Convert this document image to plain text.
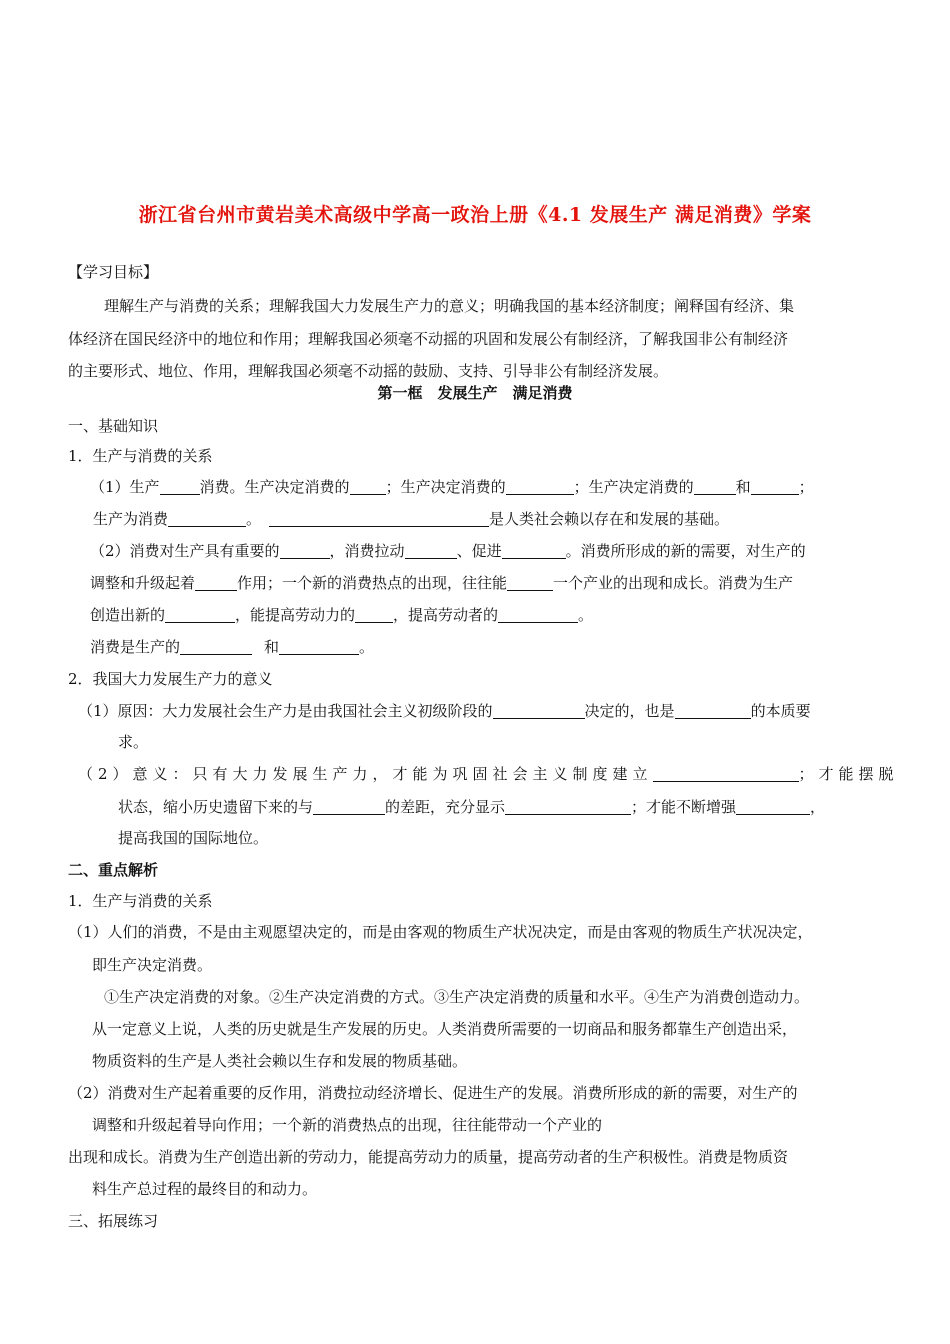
浙江省台州市黄岩美术高级中学高一政治上册《4.1 发展生产 满足消费》学案
【学习目标】
理解生产与消费的关系；理解我国大力发展生产力的意义；明确我国的基本经济制度；阐释国有经济、集
体经济在国民经济中的地位和作用；理解我国必须毫不动摇的巩固和发展公有制经济，了解我国非公有制经济
的主要形式、地位、作用，理解我国必须毫不动摇的鼓励、支持、引导非公有制经济发展。
第一框　发展生产　满足消费
一、基础知识
1．生产与消费的关系
（1）生产	消费。生产决定消费的 ；生产决定消费的	；生产决定消费的	和	；
生产为消费	。	是人类社会赖以存在和发展的基础。
（2）消费对生产具有重要的	，消费拉动	、促进	。消费所形成的新的需要，对生产的
调整和升级起着	作用；一个新的消费热点的出现，往往能	一个产业的出现和成长。消费为生产
创造出新的	，能提高劳动力的	，提高劳动者的	。
消费是生产的	和	。
2．我国大力发展生产力的意义
（1）原因：大力发展社会生产力是由我国社会主义初级阶段的	决定的，也是	的本质要
求。
（2）意义：只有大力发展生产力，才能为巩固社会主义制度建立	；才能摆脱
状态，缩小历史遗留下来的与	的差距，充分显示	；才能不断增强	，
提高我国的国际地位。
二、重点解析
1．生产与消费的关系
（1）人们的消费，不是由主观愿望决定的，而是由客观的物质生产状况决定，而是由客观的物质生产状况决定，
即生产决定消费。
①生产决定消费的对象。②生产决定消费的方式。③生产决定消费的质量和水平。④生产为消费创造动力。
从一定意义上说，人类的历史就是生产发展的历史。人类消费所需要的一切商品和服务都靠生产创造出采，
物质资料的生产是人类社会赖以生存和发展的物质基础。
（2）消费对生产起着重要的反作用，消费拉动经济增长、促进生产的发展。消费所形成的新的需要，对生产的
调整和升级起着导向作用；一个新的消费热点的出现，往往能带动一个产业的
出现和成长。消费为生产创造出新的劳动力，能提高劳动力的质量，提高劳动者的生产积极性。消费是物质资
料生产总过程的最终目的和动力。
三、拓展练习
